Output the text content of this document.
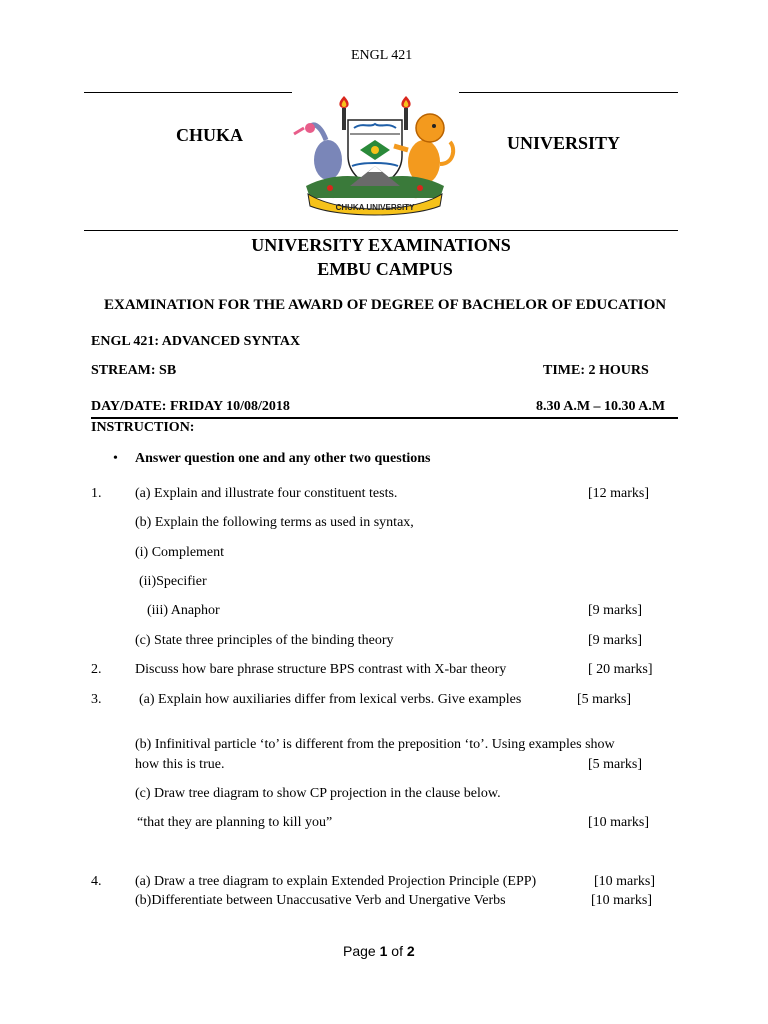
ENGL 421
CHUKA	UNIVERSITY
CHUKA UNIVERSITY
UNIVERSITY EXAMINATIONS
EMBU CAMPUS
EXAMINATION FOR THE AWARD OF DEGREE OF BACHELOR OF EDUCATION
ENGL 421: ADVANCED SYNTAX
STREAM: SB	TIME: 2 HOURS
DAY/DATE: FRIDAY 10/08/2018	8.30 A.M – 10.30 A.M
INSTRUCTION:
• Answer question one and any other two questions
1. (a) Explain and illustrate four constituent tests.	[12 marks]
(b) Explain the following terms as used in syntax,
(i) Complement
(ii)Specifier
(iii) Anaphor	[9 marks]
(c) State three principles of the binding theory	[9 marks]
2. Discuss how bare phrase structure BPS contrast with X-bar theory	[ 20 marks]
3.	(a) Explain how auxiliaries differ from lexical verbs. Give examples	[5 marks]
(b) Infinitival particle ‘to’ is different from the preposition ‘to’. Using examples show
how this is true.	[5 marks]
(c) Draw tree diagram to show CP projection in the clause below.
“that they are planning to kill you”	[10 marks]
4. (a) Draw a tree diagram to explain Extended Projection Principle (EPP)	[10 marks]
(b)Differentiate between Unaccusative Verb and Unergative Verbs	[10 marks]
Page 1 of 2
